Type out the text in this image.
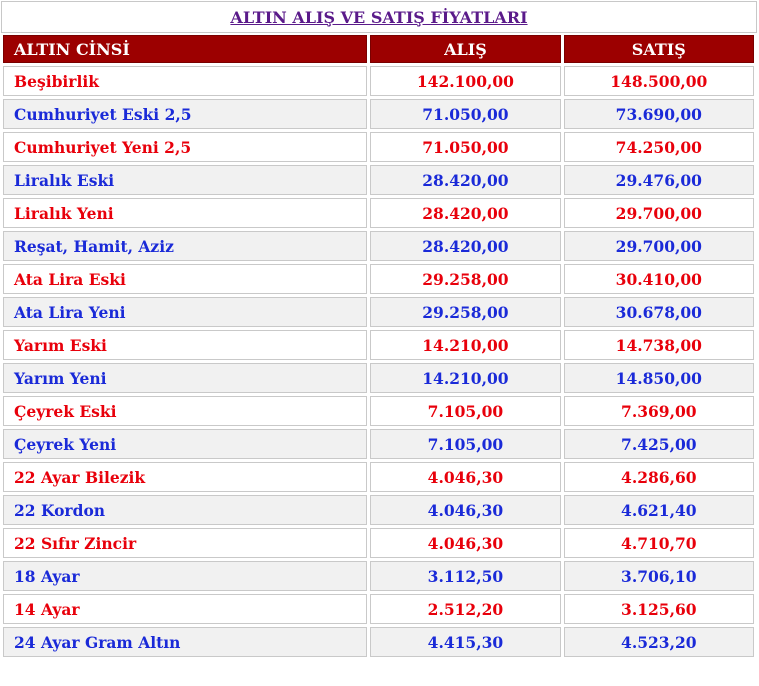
ALTIN ALIŞ VE SATIŞ FİYATLARI
ALTIN CİNSİ	ALIŞ	SATIŞ
Beşibirlik	142.100,00	148.500,00
Cumhuriyet Eski 2,5	71.050,00	73.690,00
Cumhuriyet Yeni 2,5	71.050,00	74.250,00
Liralık Eski	28.420,00	29.476,00
Liralık Yeni	28.420,00	29.700,00
Reşat, Hamit, Aziz	28.420,00	29.700,00
Ata Lira Eski	29.258,00	30.410,00
Ata Lira Yeni	29.258,00	30.678,00
Yarım Eski	14.210,00	14.738,00
Yarım Yeni	14.210,00	14.850,00
Çeyrek Eski	7.105,00	7.369,00
Çeyrek Yeni	7.105,00	7.425,00
22 Ayar Bilezik	4.046,30	4.286,60
22 Kordon	4.046,30	4.621,40
22 Sıfır Zincir	4.046,30	4.710,70
18 Ayar	3.112,50	3.706,10
14 Ayar	2.512,20	3.125,60
24 Ayar Gram Altın	4.415,30	4.523,20
